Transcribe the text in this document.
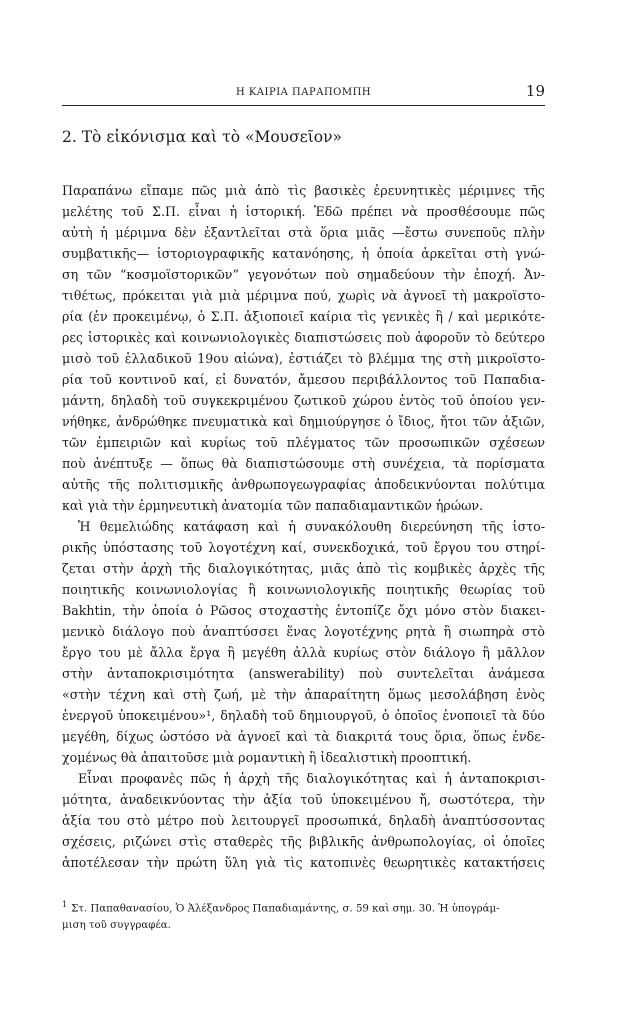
Η ΚΑΙΡΙΑ ΠΑΡΑΠΟΜΠΗ	19
2. Τὸ εἰκόνισμα καὶ τὸ «Μουσεῖον»
Παραπάνω εἴπαμε πῶς μιὰ ἀπὸ τὶς βασικὲς ἐρευνητικὲς μέριμνες τῆς
μελέτης τοῦ Σ.Π. εἶναι ἡ ἱστορική. Ἐδῶ πρέπει νὰ προσθέσουμε πῶς
αὐτὴ ἡ μέριμνα δὲν ἐξαντλεῖται στὰ ὅρια μιᾶς —ἔστω συνεποῦς πλὴν
συμβατικῆς— ἱστοριογραφικῆς κατανόησης, ἡ ὁποία ἀρκεῖται στὴ γνώ-
ση τῶν “κοσμοϊστορικῶν” γεγονότων ποὺ σημαδεύουν τὴν ἐποχή. Ἀν-
τιθέτως, πρόκειται γιὰ μιὰ μέριμνα πού, χωρὶς νὰ ἀγνοεῖ τὴ μακροϊστο-
ρία (ἐν προκειμένῳ, ὁ Σ.Π. ἀξιοποιεῖ καίρια τὶς γενικὲς ἢ / καὶ μερικότε-
ρες ἱστορικὲς καὶ κοινωνιολογικὲς διαπιστώσεις ποὺ ἀφοροῦν τὸ δεύτερο
μισὸ τοῦ ἑλλαδικοῦ 19ου αἰώνα), ἐστιάζει τὸ βλέμμα της στὴ μικροϊστο-
ρία τοῦ κοντινοῦ καί, εἰ δυνατόν, ἄμεσου περιβάλλοντος τοῦ Παπαδια-
μάντη, δηλαδὴ τοῦ συγκεκριμένου ζωτικοῦ χώρου ἐντὸς τοῦ ὁποίου γεν-
νήθηκε, ἀνδρώθηκε πνευματικὰ καὶ δημιούργησε ὁ ἴδιος, ἤτοι τῶν ἀξιῶν,
τῶν ἐμπειριῶν καὶ κυρίως τοῦ πλέγματος τῶν προσωπικῶν σχέσεων
ποὺ ἀνέπτυξε — ὅπως θὰ διαπιστώσουμε στὴ συνέχεια, τὰ πορίσματα
αὐτῆς τῆς πολιτισμικῆς ἀνθρωπογεωγραφίας ἀποδεικνύονται πολύτιμα
καὶ γιὰ τὴν ἑρμηνευτικὴ ἀνατομία τῶν παπαδιαμαντικῶν ἡρώων.
Ἡ θεμελιώδης κατάφαση καὶ ἡ συνακόλουθη διερεύνηση τῆς ἱστο-
ρικῆς ὑπόστασης τοῦ λογοτέχνη καί, συνεκδοχικά, τοῦ ἔργου του στηρί-
ζεται στὴν ἀρχὴ τῆς διαλογικότητας, μιᾶς ἀπὸ τὶς κομβικὲς ἀρχὲς τῆς
ποιητικῆς κοινωνιολογίας ἢ κοινωνιολογικῆς ποιητικῆς θεωρίας τοῦ
Bakhtin, τὴν ὁποία ὁ Ρῶσος στοχαστὴς ἐντοπίζε ὄχι μόνο στὸν διακει-
μενικὸ διάλογο ποὺ ἀναπτύσσει ἕνας λογοτέχνης ρητὰ ἢ σιωπηρὰ στὸ
ἔργο του μὲ ἄλλα ἔργα ἢ μεγέθη ἀλλὰ κυρίως στὸν διάλογο ἢ μᾶλλον
στὴν ἀνταποκρισιμότητα (answerability) ποὺ συντελεῖται ἀνάμεσα
«στὴν τέχνη καὶ στὴ ζωή, μὲ τὴν ἀπαραίτητη ὅμως μεσολάβηση ἑνὸς
ἐνεργοῦ ὑποκειμένου»¹, δηλαδὴ τοῦ δημιουργοῦ, ὁ ὁποῖος ἑνοποιεῖ τὰ δύο
μεγέθη, δίχως ὡστόσο νὰ ἀγνοεῖ καὶ τὰ διακριτά τους ὅρια, ὅπως ἐνδε-
χομένως θὰ ἀπαιτοῦσε μιὰ ρομαντικὴ ἢ ἰδεαλιστικὴ προοπτική.
Εἶναι προφανὲς πῶς ἡ ἀρχὴ τῆς διαλογικότητας καὶ ἡ ἀνταποκρισι-
μότητα, ἀναδεικνύοντας τὴν ἀξία τοῦ ὑποκειμένου ἤ, σωστότερα, τὴν
ἀξία του στὸ μέτρο ποὺ λειτουργεῖ προσωπικά, δηλαδὴ ἀναπτύσσοντας
σχέσεις, ριζώνει στὶς σταθερὲς τῆς βιβλικῆς ἀνθρωπολογίας, οἱ ὁποῖες
ἀποτέλεσαν τὴν πρώτη ὕλη γιὰ τὶς κατοπινὲς θεωρητικὲς κατακτήσεις
$^1$ Στ. Παπαθανασίου, Ὁ Ἀλέξανδρος Παπαδιαμάντης, σ. 59 καὶ σημ. 30. Ἡ ὑπογράμ-
μιση τοῦ συγγραφέα.
